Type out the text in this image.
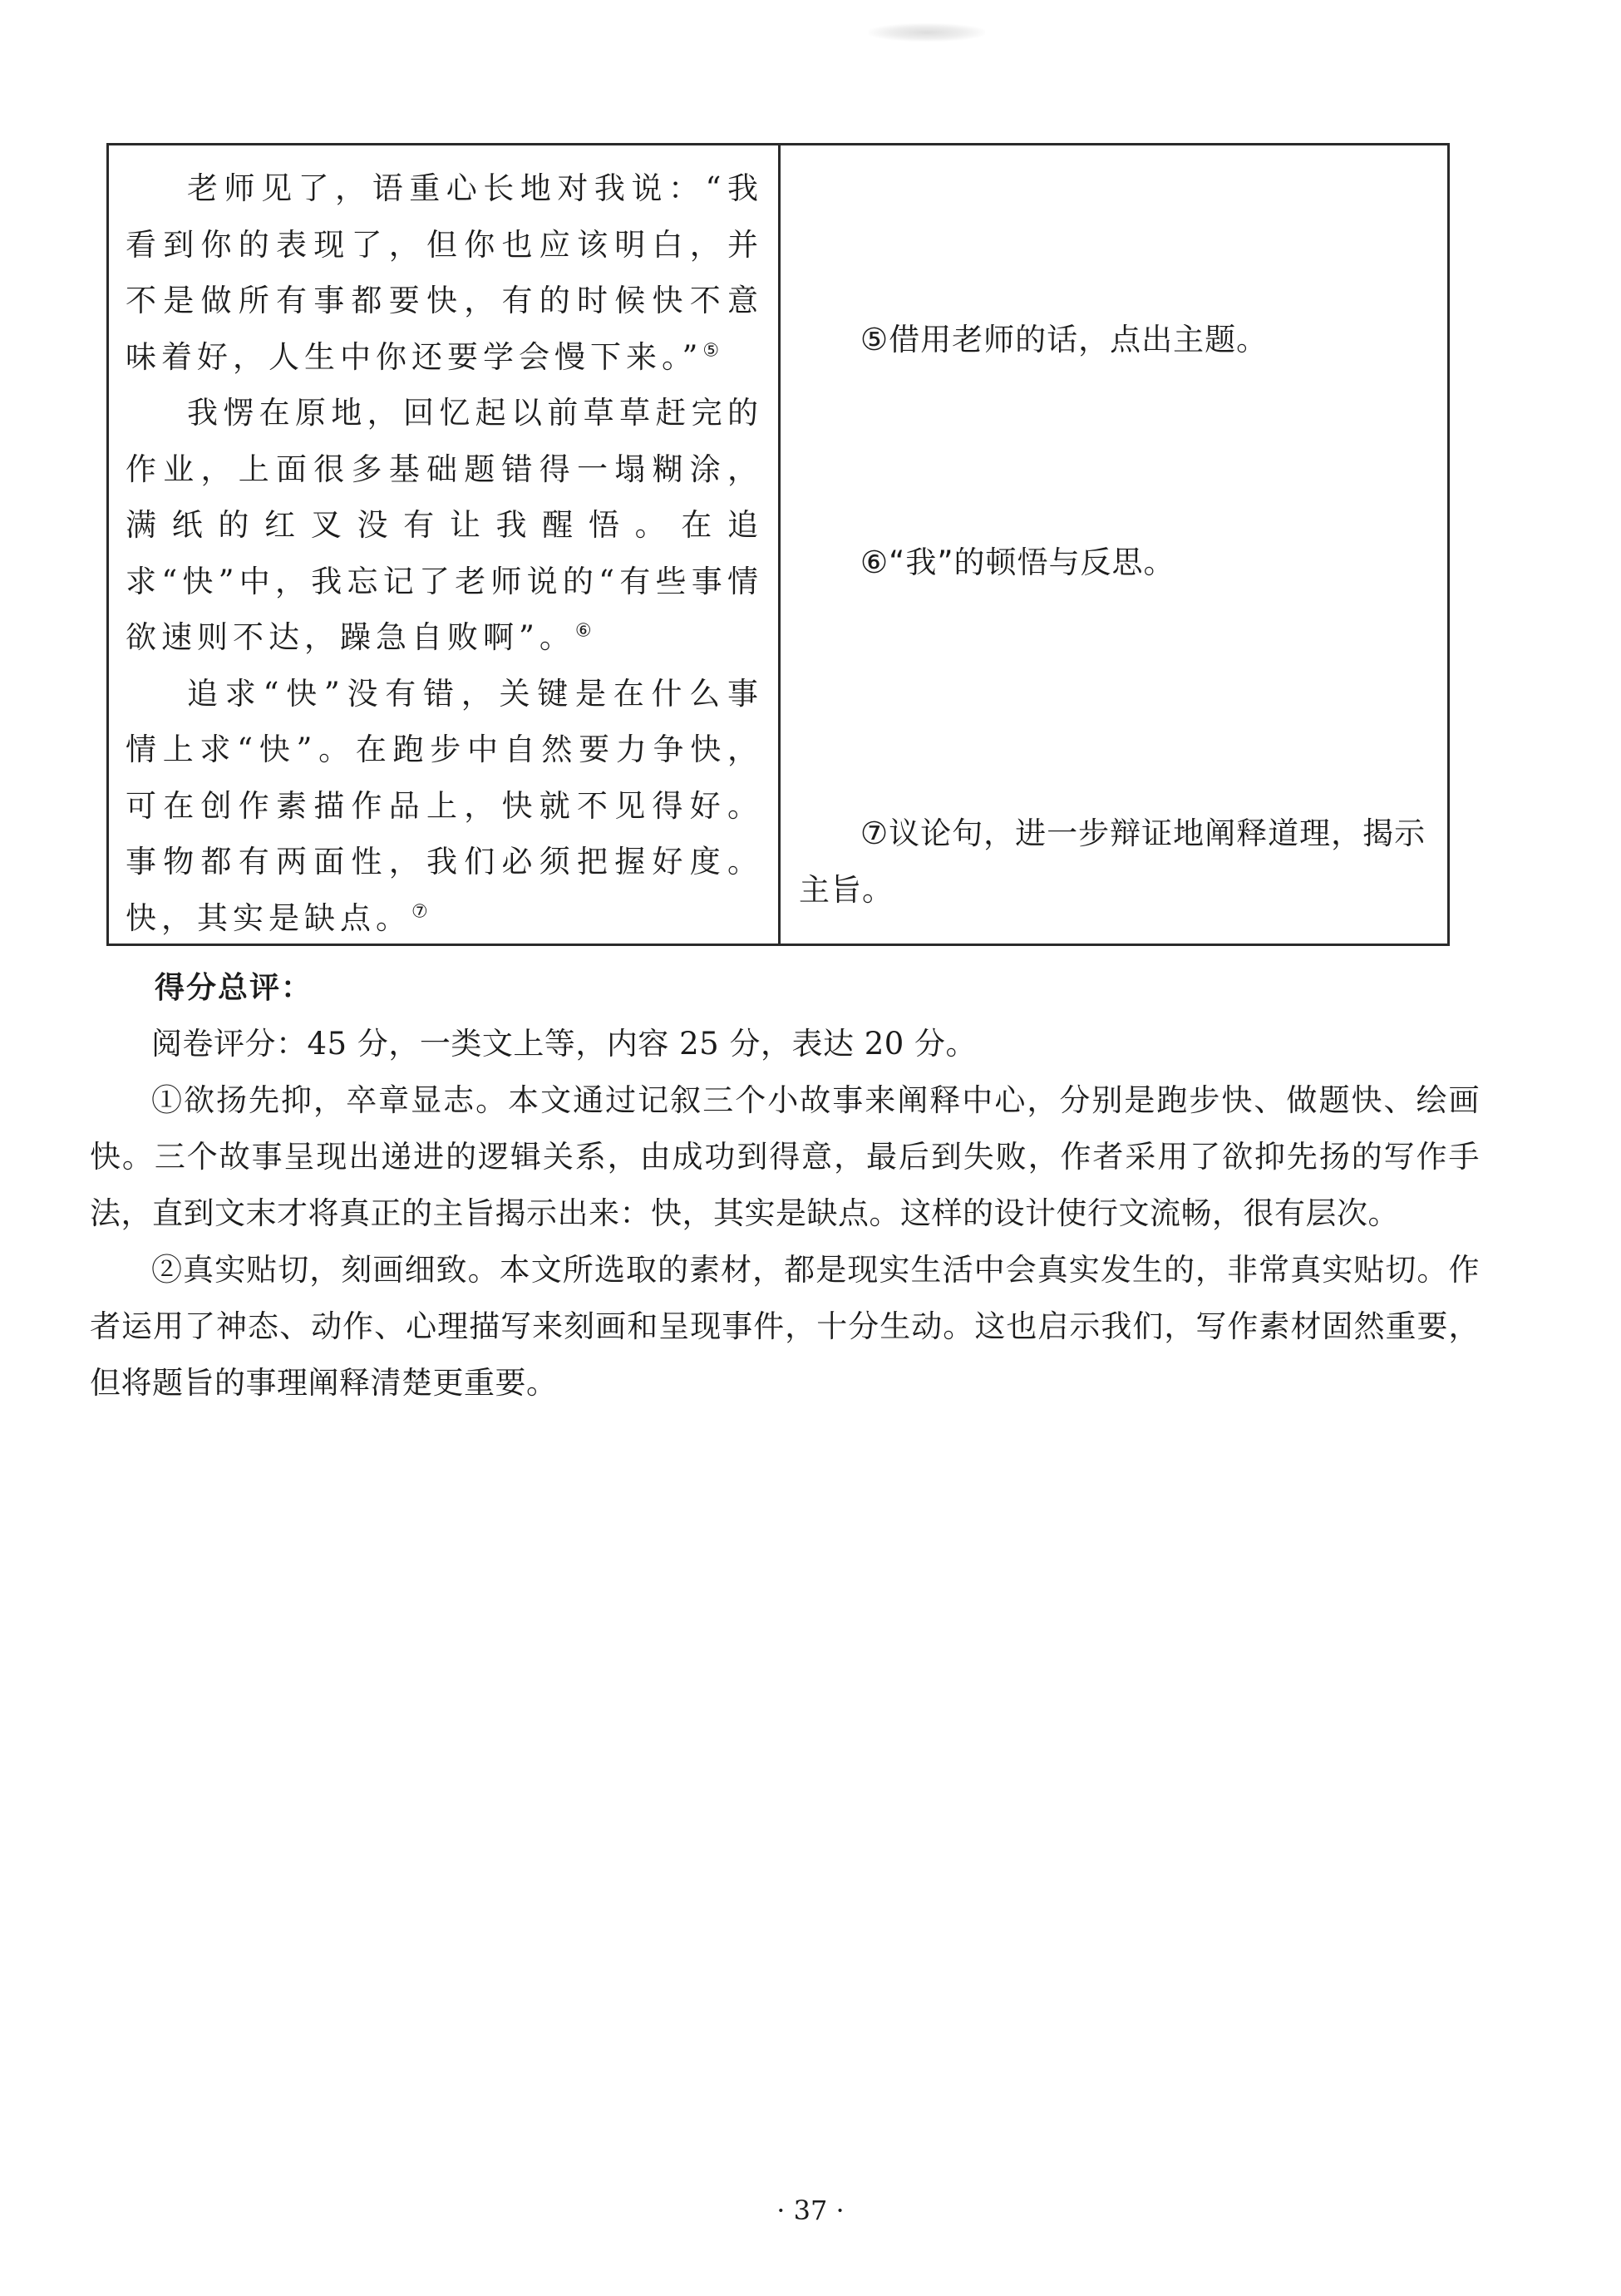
老师见了，语重心长地对我说：“我看到你的表现了，但你也应该明白，并不是做所有事都要快，有的时候快不意味着好，人生中你还要学会慢下来。”⑤

我愣在原地，回忆起以前草草赶完的作业，上面很多基础题错得一塌糊涂，满纸的红叉没有让我醒悟。在追求“快”中，我忘记了老师说的“有些事情欲速则不达，躁急自败啊”。⑥

追求“快”没有错，关键是在什么事情上求“快”。在跑步中自然要力争快，可在创作素描作品上，快就不见得好。事物都有两面性，我们必须把握好度。快，其实是缺点。⑦

⑤借用老师的话，点出主题。

⑥“我”的顿悟与反思。

⑦议论句，进一步辩证地阐释道理，揭示主旨。

得分总评：

阅卷评分：45 分，一类文上等，内容 25 分，表达 20 分。

①欲扬先抑，卒章显志。本文通过记叙三个小故事来阐释中心，分别是跑步快、做题快、绘画快。三个故事呈现出递进的逻辑关系，由成功到得意，最后到失败，作者采用了欲抑先扬的写作手法，直到文末才将真正的主旨揭示出来：快，其实是缺点。这样的设计使行文流畅，很有层次。

②真实贴切，刻画细致。本文所选取的素材，都是现实生活中会真实发生的，非常真实贴切。作者运用了神态、动作、心理描写来刻画和呈现事件，十分生动。这也启示我们，写作素材固然重要，但将题旨的事理阐释清楚更重要。

· 37 ·
